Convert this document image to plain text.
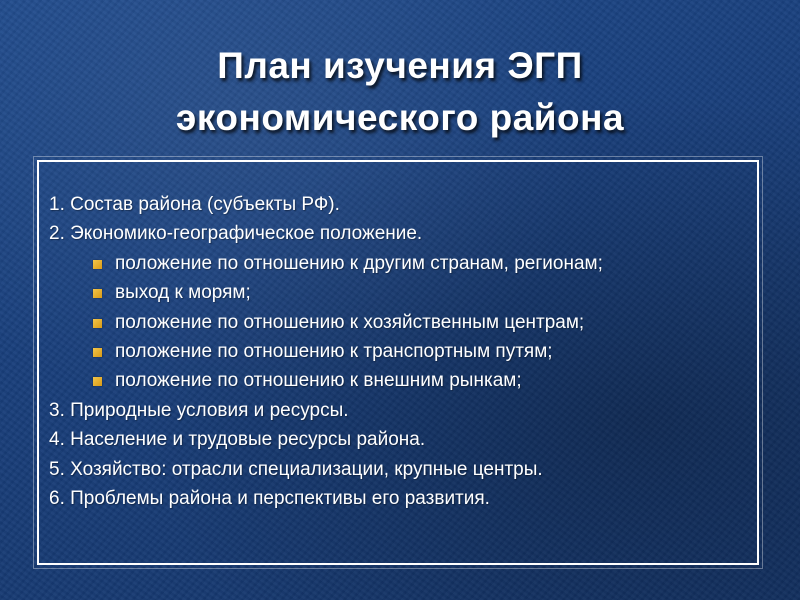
План изучения ЭГП
экономического района
1. Состав района (субъекты РФ).
2. Экономико-географическое положение.
положение по отношению к другим странам, регионам;
выход к морям;
положение по отношению к хозяйственным центрам;
положение по отношению к транспортным путям;
положение по отношению к внешним рынкам;
3. Природные условия и ресурсы.
4. Население и трудовые ресурсы района.
5. Хозяйство: отрасли специализации, крупные центры.
6. Проблемы района и перспективы его развития.
